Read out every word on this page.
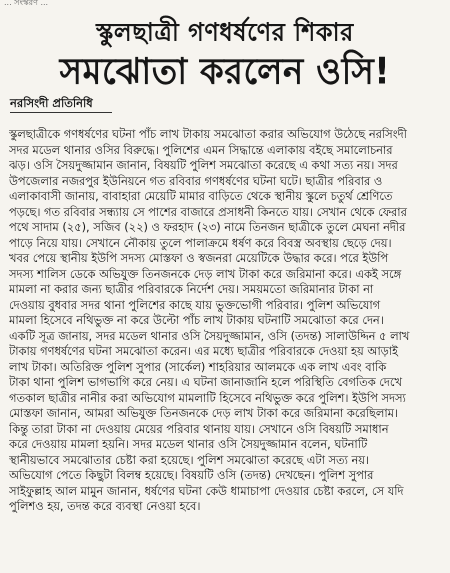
... সংস্করণ ...
স্কুলছাত্রী গণধর্ষণের শিকার
সমঝোতা করলেন ওসি!
নরসিংদী প্রতিনিধি
স্কুলছাত্রীকে গণধর্ষণের ঘটনা পাঁচ লাখ টাকায় সমঝোতা করার অভিযোগ উঠেছে নরসিংদী
সদর মডেল থানার ওসির বিরুদ্ধে। পুলিশের এমন সিদ্ধান্তে এলাকায় বইছে সমালোচনার
ঝড়। ওসি সৈয়দুজ্জামান জানান, বিষয়টি পুলিশ সমঝোতা করেছে এ কথা সত্য নয়। সদর
উপজেলার নজরপুর ইউনিয়নে গত রবিবার গণধর্ষণের ঘটনা ঘটে। ছাত্রীর পরিবার ও
এলাকাবাসী জানায়, বাবাহারা মেয়েটি মামার বাড়িতে থেকে স্থানীয় স্কুলে চতুর্থ শ্রেণিতে
পড়ছে। গত রবিবার সন্ধ্যায় সে পাশের বাজারে প্রসাধনী কিনতে যায়। সেখান থেকে ফেরার
পথে সাদাম (২৫), সজিব (২২) ও ফরহাদ (২৩) নামে তিনজন ছাত্রীকে তুলে মেঘনা নদীর
পাড়ে নিয়ে যায়। সেখানে নৌকায় তুলে পালাক্রমে ধর্ষণ করে বিবস্ত্র অবস্থায় ছেড়ে দেয়।
খবর পেয়ে স্থানীয় ইউপি সদস্য মোস্তফা ও স্বজনরা মেয়েটিকে উদ্ধার করে। পরে ইউপি
সদস্য শালিস ডেকে অভিযুক্ত তিনজনকে দেড় লাখ টাকা করে জরিমানা করে। একই সঙ্গে
মামলা না করার জন্য ছাত্রীর পরিবারকে নির্দেশ দেয়। সময়মতো জরিমানার টাকা না
দেওয়ায় বুধবার সদর থানা পুলিশের কাছে যায় ভুক্তভোগী পরিবার। পুলিশ অভিযোগ
মামলা হিসেবে নথিভুক্ত না করে উল্টো পাঁচ লাখ টাকায় ঘটনাটি সমঝোতা করে দেন।
একটি সূত্র জানায়, সদর মডেল থানার ওসি সৈয়দুজ্জামান, ওসি (তদন্ত) সালাউদ্দিন ৫ লাখ
টাকায় গণধর্ষণের ঘটনা সমঝোতা করেন। এর মধ্যে ছাত্রীর পরিবারকে দেওয়া হয় আড়াই
লাখ টাকা। অতিরিক্ত পুলিশ সুপার (সার্কেল) শাহরিয়ার আলমকে এক লাখ এবং বাকি
টাকা থানা পুলিশ ভাগভাগি করে নেয়। এ ঘটনা জানাজানি হলে পরিস্থিতি বেগতিক দেখে
গতকাল ছাত্রীর নানীর করা অভিযোগ মামলাটি হিসেবে নথিভুক্ত করে পুলিশ। ইউপি সদস্য
মোস্তফা জানান, আমরা অভিযুক্ত তিনজনকে দেড় লাখ টাকা করে জরিমানা করেছিলাম।
কিন্তু তারা টাকা না দেওয়ায় মেয়ের পরিবার থানায় যায়। সেখানে ওসি বিষয়টি সমাধান
করে দেওয়ায় মামলা হয়নি। সদর মডেল থানার ওসি সৈয়দুজ্জামান বলেন, ঘটনাটি
স্থানীয়ভাবে সমঝোতার চেষ্টা করা হয়েছে। পুলিশ সমঝোতা করেছে এটা সত্য নয়।
অভিযোগ পেতে কিছুটা বিলম্ব হয়েছে। বিষয়টি ওসি (তদন্ত) দেখছেন। পুলিশ সুপার
সাইফুল্লাহ আল মামুন জানান, ধর্ষণের ঘটনা কেউ ধামাচাপা দেওয়ার চেষ্টা করলে, সে যদি
পুলিশও হয়, তদন্ত করে ব্যবস্থা নেওয়া হবে।
